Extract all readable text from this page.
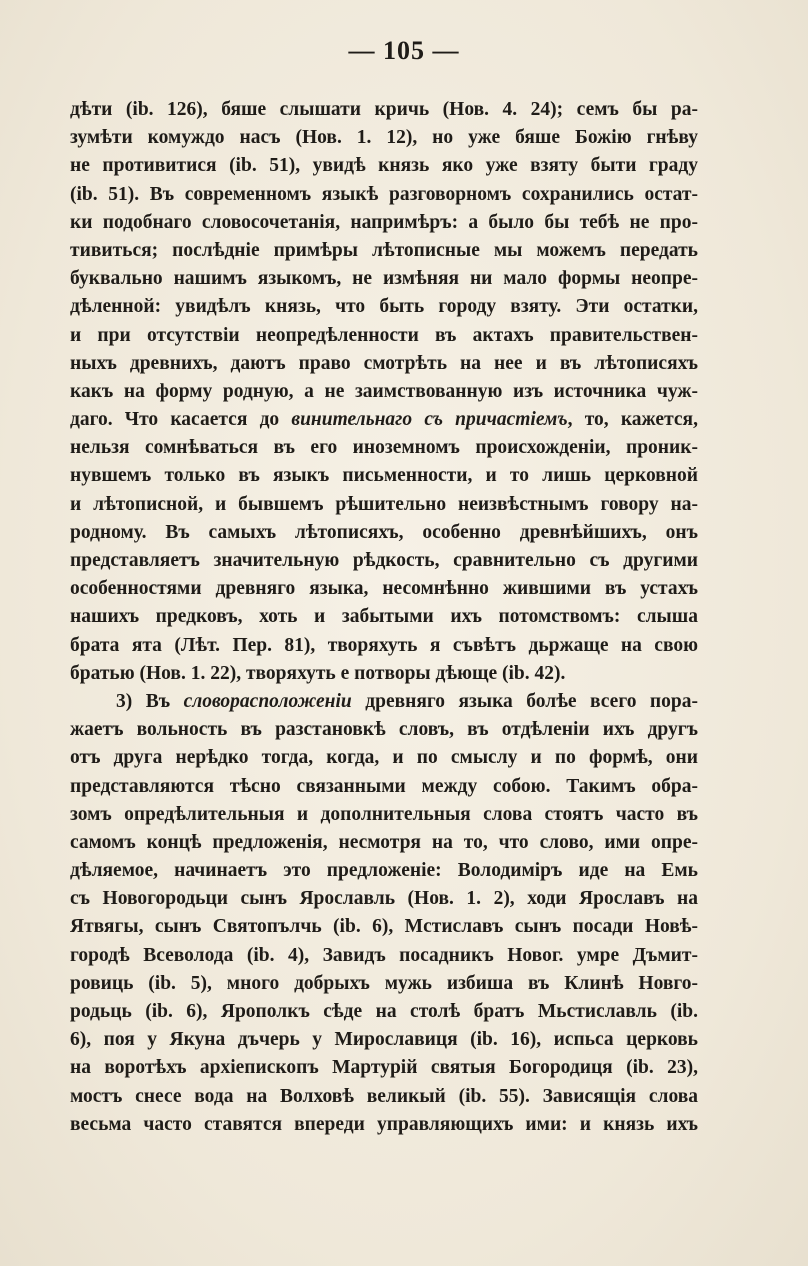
— 105 —
дѣти (ib. 126), бяше слышати кричь (Нов. 4. 24); семъ бы ра-
зумѣти комуждо насъ (Нов. 1. 12), но уже бяше Божiю гнѣву
не противитися (ib. 51), увидѣ князь яко уже взяту быти граду
(ib. 51). Въ современномъ языкѣ разговорномъ сохранились остат-
ки подобнаго словосочетанiя, напримѣръ: а было бы тебѣ не про-
тивиться; послѣднiе примѣры лѣтописные мы можемъ передать
буквально нашимъ языкомъ, не измѣняя ни мало формы неопре-
дѣленной: увидѣлъ князь, что быть городу взяту. Эти остатки,
и при отсутствiи неопредѣленности въ актахъ правительствен-
ныхъ древнихъ, даютъ право смотрѣть на нее и въ лѣтописяхъ
какъ на форму родную, а не заимствованную изъ источника чуж-
даго. Что касается до винительнаго съ причастiемъ, то, кажется,
нельзя сомнѣваться въ его иноземномъ происхожденiи, проник-
нувшемъ только въ языкъ письменности, и то лишь церковной
и лѣтописной, и бывшемъ рѣшительно неизвѣстнымъ говору на-
родному. Въ самыхъ лѣтописяхъ, особенно древнѣйшихъ, онъ
представляетъ значительную рѣдкость, сравнительно съ другими
особенностями древняго языка, несомнѣнно жившими въ устахъ
нашихъ предковъ, хоть и забытыми ихъ потомствомъ: слыша
брата ята (Лѣт. Пер. 81), творяхуть я съвѣтъ дьржаще на свою
братью (Нов. 1. 22), творяхуть е потворы дѣюще (ib. 42).
3) Въ словорасположенiи древняго языка болѣе всего пора-
жаетъ вольность въ разстановкѣ словъ, въ отдѣленiи ихъ другъ
отъ друга нерѣдко тогда, когда, и по смыслу и по формѣ, они
представляются тѣсно связанными между собою. Такимъ обра-
зомъ опредѣлительныя и дополнительныя слова стоятъ часто въ
самомъ концѣ предложенiя, несмотря на то, что слово, ими опре-
дѣляемое, начинаетъ это предложенiе: Володимiръ иде на Емь
съ Новогородьци сынъ Ярославль (Нов. 1. 2), ходи Ярославъ на
Ятвягы, сынъ Святопълчь (ib. 6), Мстиславъ сынъ посади Новѣ-
городѣ Всеволода (ib. 4), Завидъ посадникъ Новог. умре Дъмит-
ровиць (ib. 5), много добрыхъ мужь избиша въ Клинѣ Новго-
родьць (ib. 6), Ярополкъ сѣде на столѣ братъ Мьстиславль (ib.
6), поя у Якуна дъчерь у Мирославиця (ib. 16), испьса церковь
на воротѣхъ архiепископъ Мартурiй святыя Богородиця (ib. 23),
мостъ снесе вода на Волховѣ великый (ib. 55). Зависящiя слова
весьма часто ставятся впереди управляющихъ ими: и князь ихъ
